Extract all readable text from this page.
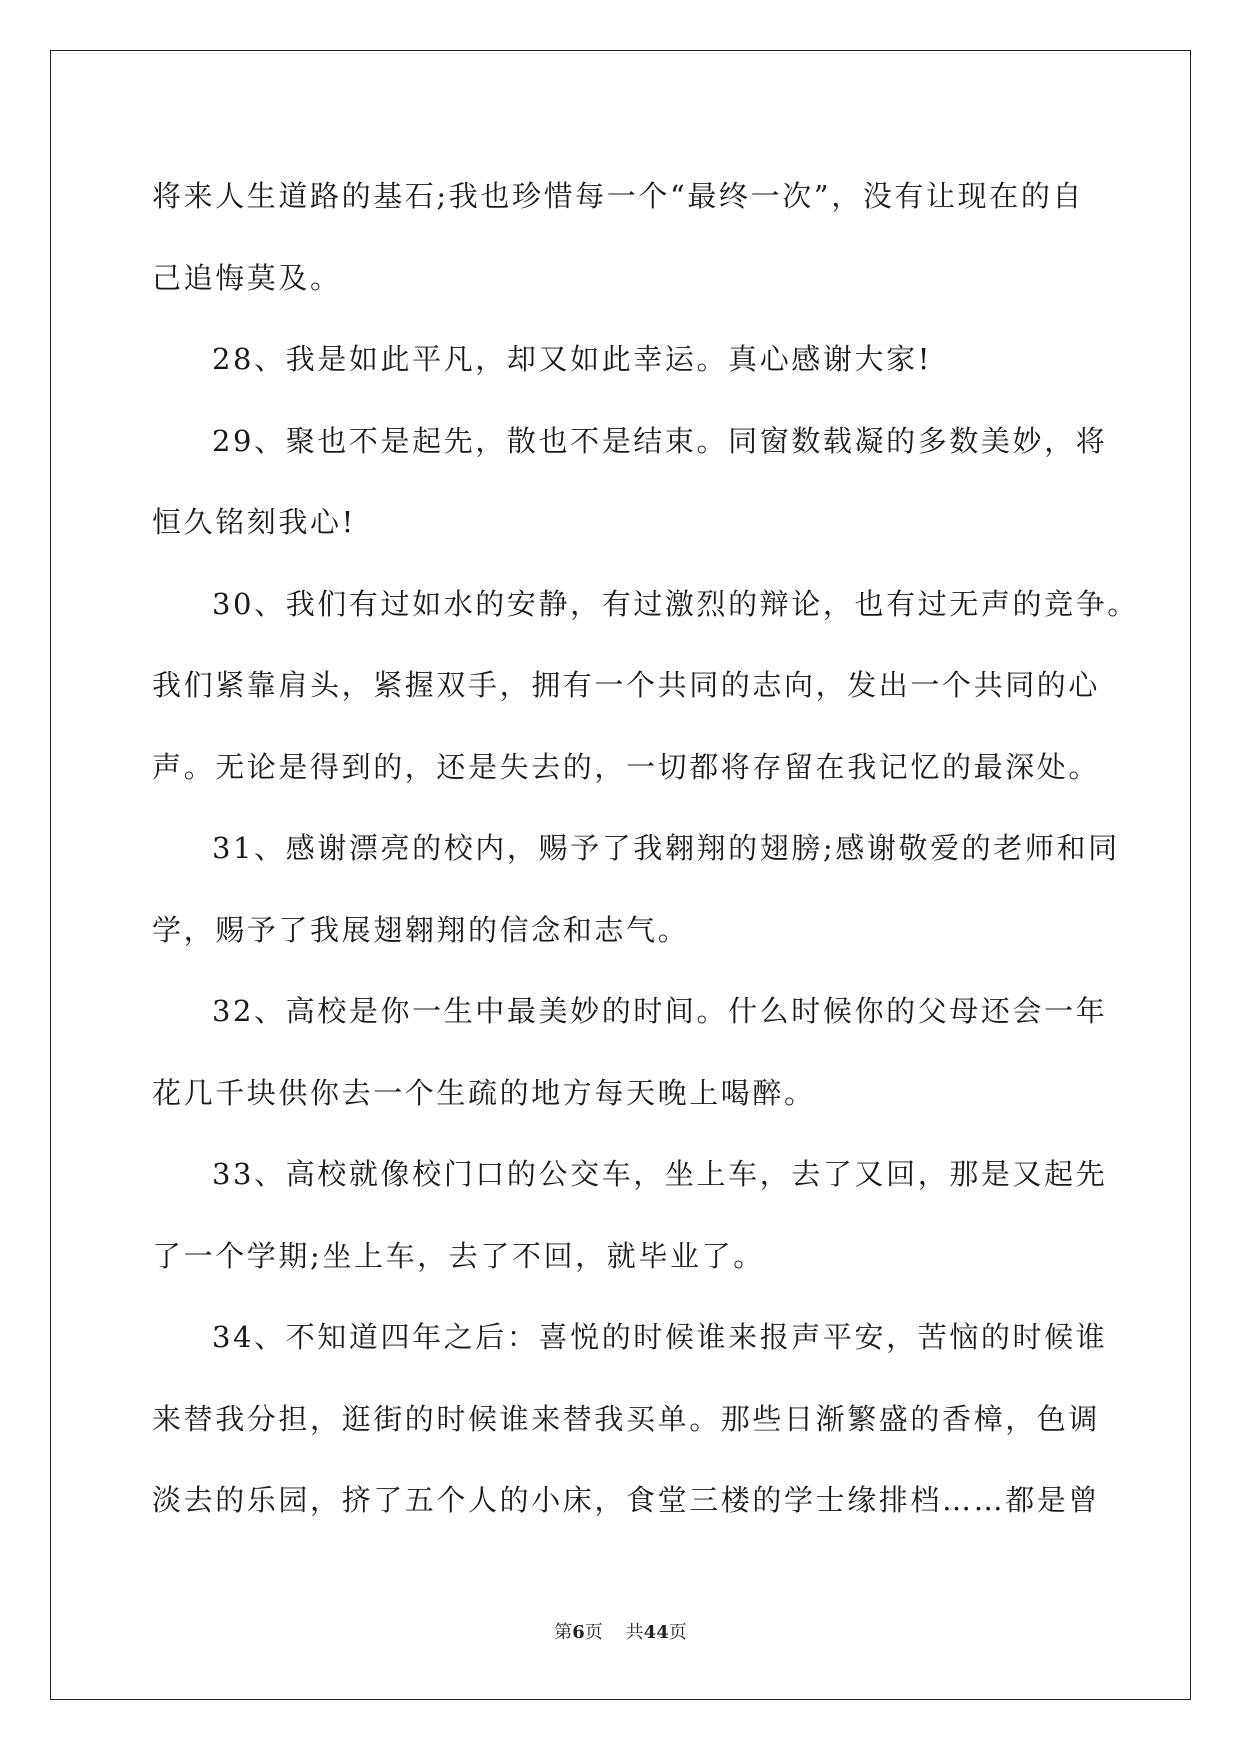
将来人生道路的基石;我也珍惜每一个“最终一次”，没有让现在的自

己追悔莫及。

28、我是如此平凡，却又如此幸运。真心感谢大家!

29、聚也不是起先，散也不是结束。同窗数载凝的多数美妙，将

恒久铭刻我心!

30、我们有过如水的安静，有过激烈的辩论，也有过无声的竞争。

我们紧靠肩头，紧握双手，拥有一个共同的志向，发出一个共同的心

声。无论是得到的，还是失去的，一切都将存留在我记忆的最深处。

31、感谢漂亮的校内，赐予了我翱翔的翅膀;感谢敬爱的老师和同

学，赐予了我展翅翱翔的信念和志气。

32、高校是你一生中最美妙的时间。什么时候你的父母还会一年

花几千块供你去一个生疏的地方每天晚上喝醉。

33、高校就像校门口的公交车，坐上车，去了又回，那是又起先

了一个学期;坐上车，去了不回，就毕业了。

34、不知道四年之后：喜悦的时候谁来报声平安，苦恼的时候谁

来替我分担，逛街的时候谁来替我买单。那些日渐繁盛的香樟，色调

淡去的乐园，挤了五个人的小床，食堂三楼的学士缘排档……都是曾

第6页 共44页
